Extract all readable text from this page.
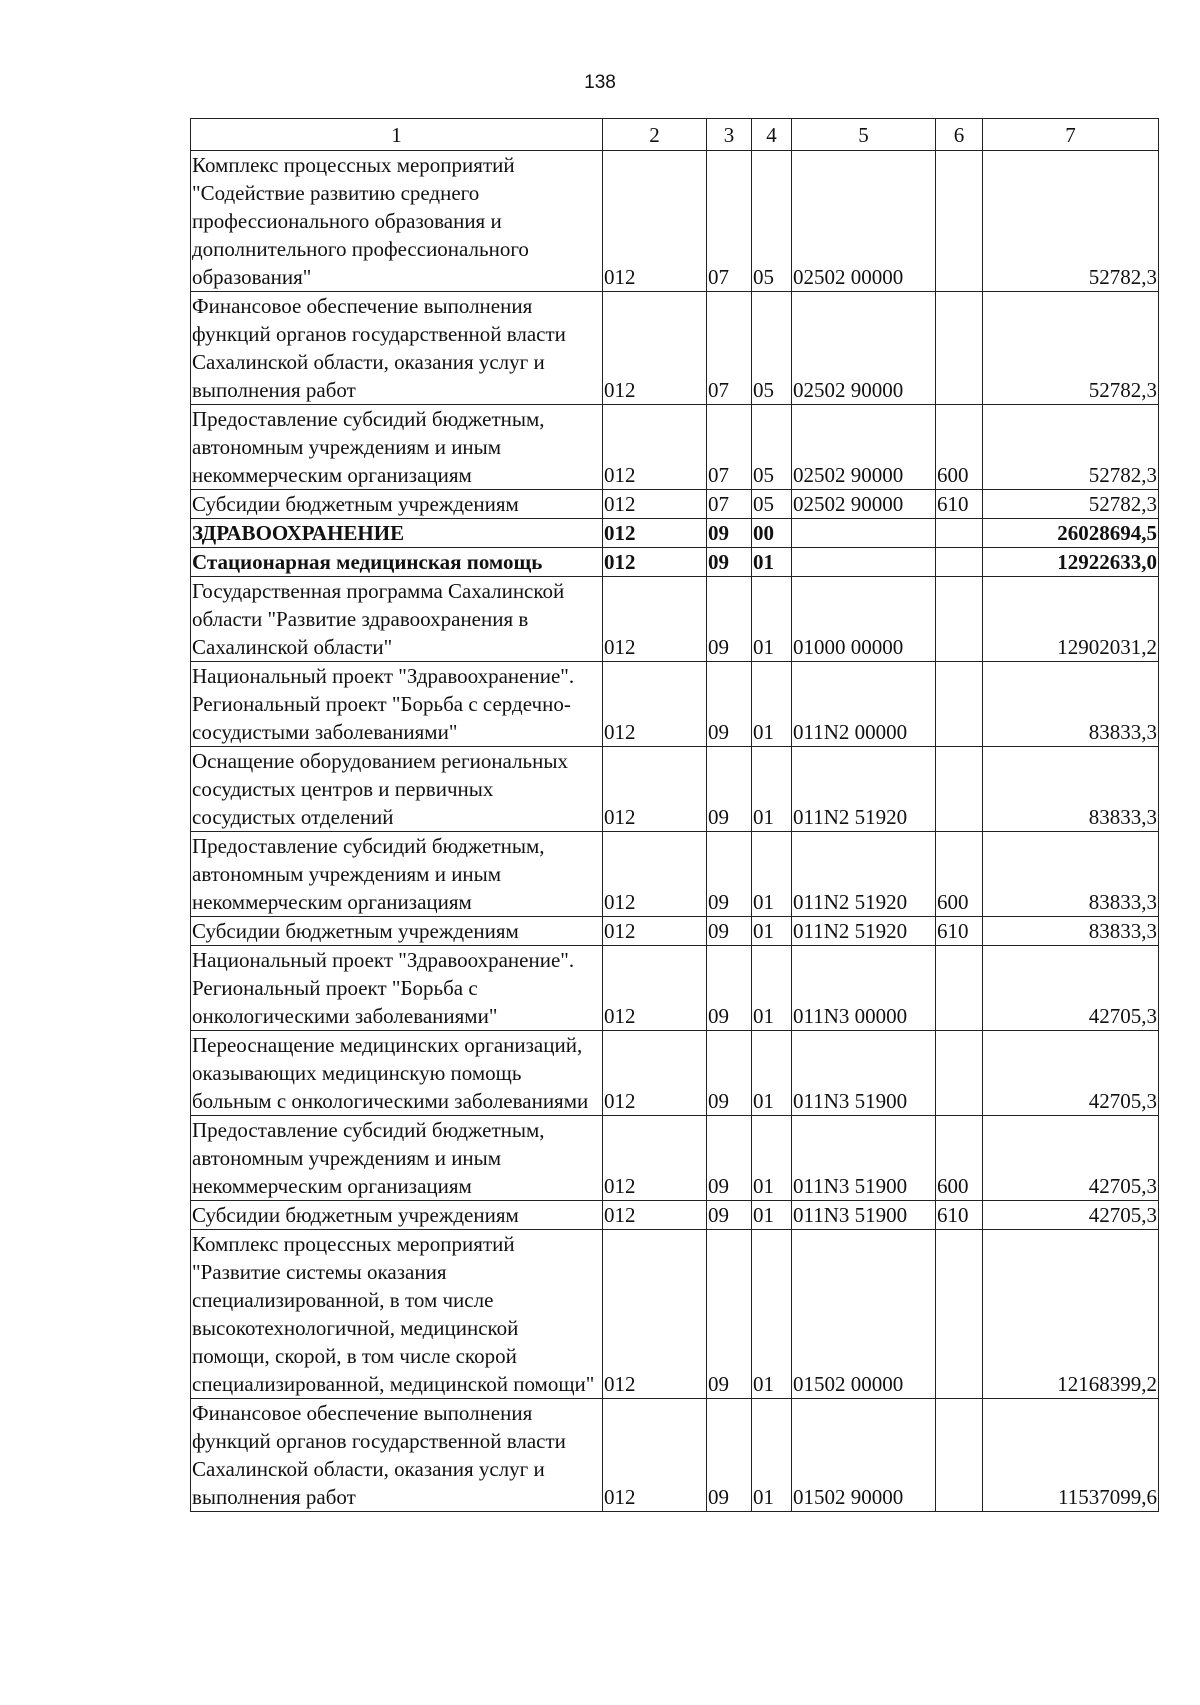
138
1	2	3	4	5	6	7
Комплекс процессных мероприятий "Содействие развитию среднего профессионального образования и дополнительного профессионального образования"	012	07	05	02502 00000		52782,3
Финансовое обеспечение выполнения функций органов государственной власти Сахалинской области, оказания услуг и выполнения работ	012	07	05	02502 90000		52782,3
Предоставление субсидий бюджетным, автономным учреждениям и иным некоммерческим организациям	012	07	05	02502 90000	600	52782,3
Субсидии бюджетным учреждениям	012	07	05	02502 90000	610	52782,3
ЗДРАВООХРАНЕНИЕ	012	09	00			26028694,5
Стационарная медицинская помощь	012	09	01			12922633,0
Государственная программа Сахалинской области "Развитие здравоохранения в Сахалинской области"	012	09	01	01000 00000		12902031,2
Национальный проект "Здравоохранение". Региональный проект "Борьба с сердечно-сосудистыми заболеваниями"	012	09	01	011N2 00000		83833,3
Оснащение оборудованием региональных сосудистых центров и первичных сосудистых отделений	012	09	01	011N2 51920		83833,3
Предоставление субсидий бюджетным, автономным учреждениям и иным некоммерческим организациям	012	09	01	011N2 51920	600	83833,3
Субсидии бюджетным учреждениям	012	09	01	011N2 51920	610	83833,3
Национальный проект "Здравоохранение". Региональный проект "Борьба с онкологическими заболеваниями"	012	09	01	011N3 00000		42705,3
Переоснащение медицинских организаций, оказывающих медицинскую помощь больным с онкологическими заболеваниями	012	09	01	011N3 51900		42705,3
Предоставление субсидий бюджетным, автономным учреждениям и иным некоммерческим организациям	012	09	01	011N3 51900	600	42705,3
Субсидии бюджетным учреждениям	012	09	01	011N3 51900	610	42705,3
Комплекс процессных мероприятий "Развитие системы оказания специализированной, в том числе высокотехнологичной, медицинской помощи, скорой, в том числе скорой специализированной, медицинской помощи"	012	09	01	01502 00000		12168399,2
Финансовое обеспечение выполнения функций органов государственной власти Сахалинской области, оказания услуг и выполнения работ	012	09	01	01502 90000		11537099,6
